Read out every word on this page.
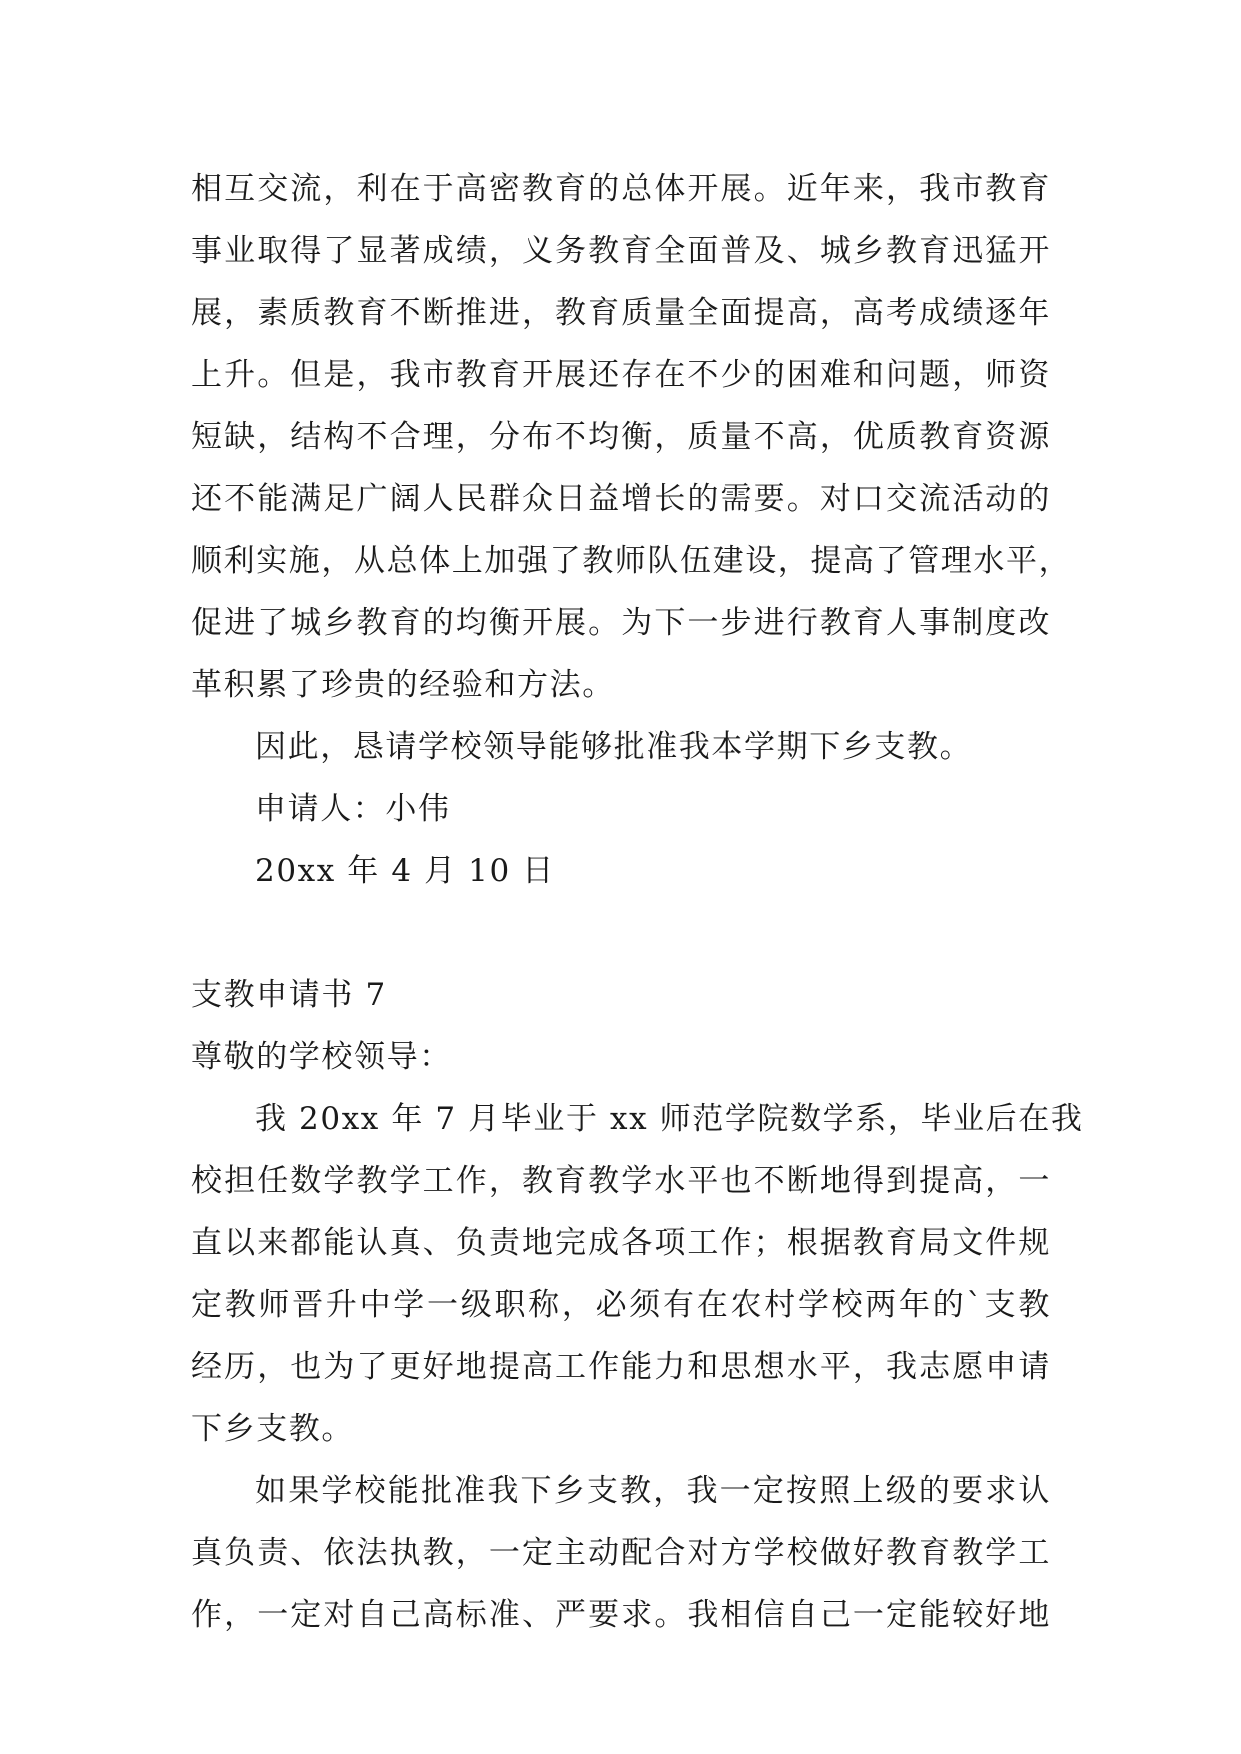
相互交流，利在于高密教育的总体开展。近年来，我市教育
事业取得了显著成绩，义务教育全面普及、城乡教育迅猛开
展，素质教育不断推进，教育质量全面提高，高考成绩逐年
上升。但是，我市教育开展还存在不少的困难和问题，师资
短缺，结构不合理，分布不均衡，质量不高，优质教育资源
还不能满足广阔人民群众日益增长的需要。对口交流活动的
顺利实施，从总体上加强了教师队伍建设，提高了管理水平，
促进了城乡教育的均衡开展。为下一步进行教育人事制度改
革积累了珍贵的经验和方法。

因此，恳请学校领导能够批准我本学期下乡支教。

申请人：小伟

20xx 年 4 月 10 日

支教申请书 7

尊敬的学校领导：

我 20xx 年 7 月毕业于 xx 师范学院数学系，毕业后在我
校担任数学教学工作，教育教学水平也不断地得到提高，一
直以来都能认真、负责地完成各项工作；根据教育局文件规
定教师晋升中学一级职称，必须有在农村学校两年的`支教
经历，也为了更好地提高工作能力和思想水平，我志愿申请
下乡支教。
如果学校能批准我下乡支教，我一定按照上级的要求认
真负责、依法执教，一定主动配合对方学校做好教育教学工
作，一定对自己高标准、严要求。我相信自己一定能较好地
